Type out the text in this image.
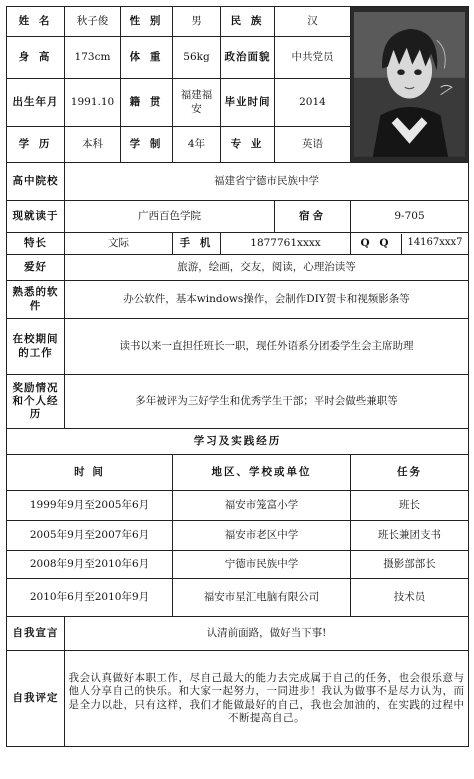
姓 名	秋子俊	性 别	男	民 族	汉	

身 高	173cm	体 重	56kg	政治面貌	中共党员
出生年月	1991.10	籍 贯	福建福安	毕业时间	2014
学 历	本科	学 制	4年	专 业	英语
高中院校	福建省宁德市民族中学
现就读于	广西百色学院	宿舍	9-705
特长	文际	手 机	1877761xxxx		Q Q	14167xxx7

爱好	旅游，绘画，交友，阅读，心理治读等
熟悉的软件	办公软件，基本windows操作，会制作DIY贺卡和视频影条等
在校期间的工作	读书以来一直担任班长一职，现任外语系分团委学生会主席助理
奖励情况和个人经历	多年被评为三好学生和优秀学生干部；平时会做些兼职等
学习及实践经历
时 间	地区、学校或单位	任务
1999年9月至2005年6月	福安市笼富小学	班长
2005年9月至2007年6月	福安市老区中学	班长兼团支书
2008年9月至2010年6月	宁德市民族中学	摄影部部长
2010年6月至2010年9月	福安市星汇电脑有限公司	技术员
自我宣言	认清前面路，做好当下事!
自我评定	我会认真做好本职工作，尽自己最大的能力去完成属于自己的任务，也会很乐意与他人分享自己的快乐。和大家一起努力，一同进步！我认为做事不是尽力认为，而是全力以赴，只有这样，我们才能做最好的自己，我也会加油的，在实践的过程中不断提高自己。
